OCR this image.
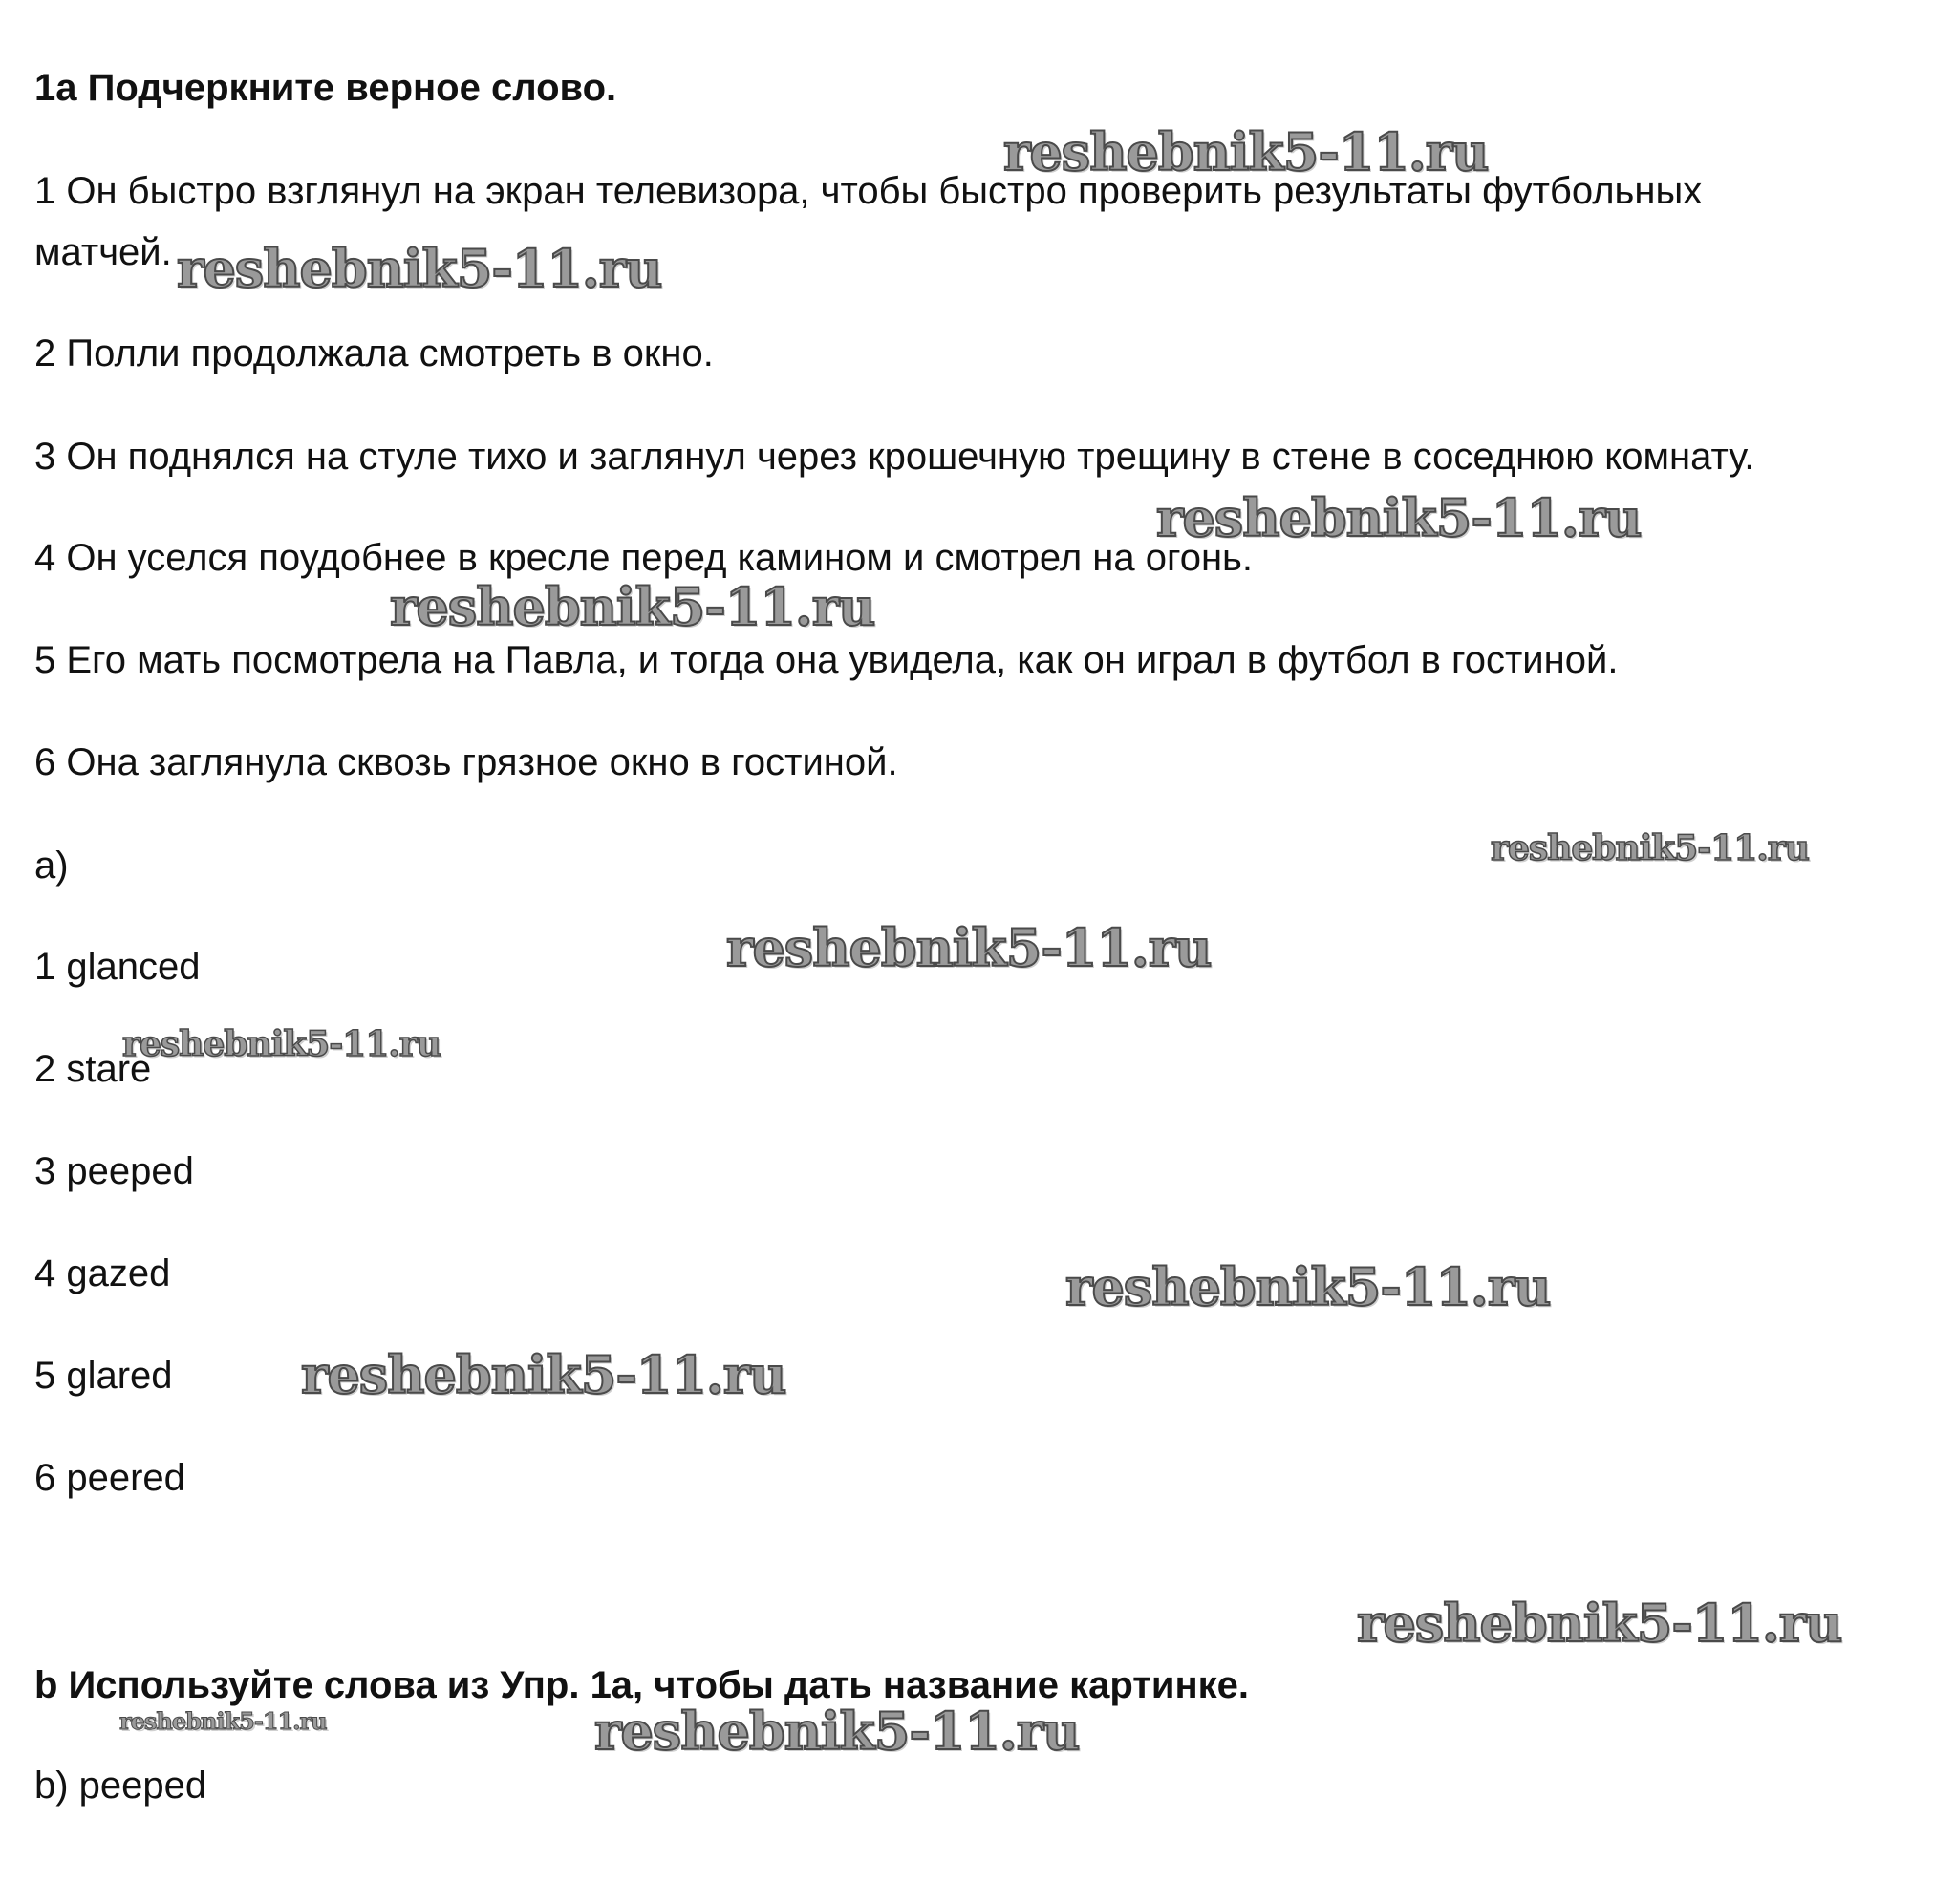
1a Подчеркните верное слово.

1 Он быстро взглянул на экран телевизора, чтобы быстро проверить результаты футбольных

матчей.

2 Полли продолжала смотреть в окно.

3 Он поднялся на стуле тихо и заглянул через крошечную трещину в стене в соседнюю комнату.

4 Он уселся поудобнее в кресле перед камином и смотрел на огонь.

5 Его мать посмотрела на Павла, и тогда она увидела, как он играл в футбол в гостиной.

6 Она заглянула сквозь грязное окно в гостиной.

a)

1 glanced

2 stare

3 peeped

4 gazed

5 glared

6 peered

b Используйте слова из Упр. 1а, чтобы дать название картинке.

b) peeped

reshebnik5-11.ru
reshebnik5-11.ru
reshebnik5-11.ru
reshebnik5-11.ru
reshebnik5-11.ru
reshebnik5-11.ru
reshebnik5-11.ru
reshebnik5-11.ru
reshebnik5-11.ru
reshebnik5-11.ru
reshebnik5-11.ru	reshebnik5-11.ru
